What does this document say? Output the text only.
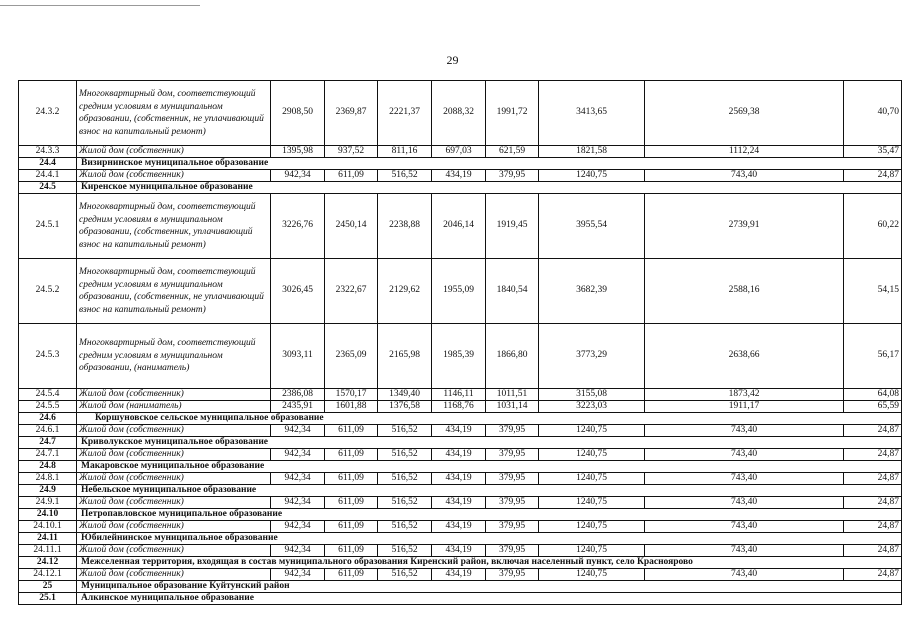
29
24.3.2	Многоквартирный дом, соответствующий средним условиям в муниципальном образовании, (собственник, не уплачивающий взнос на капитальный ремонт)	2908,50	2369,87	2221,37	2088,32	1991,72	3413,65	2569,38	40,70
24.3.3	Жилой дом (собственник)	1395,98	937,52	811,16	697,03	621,59	1821,58	1112,24	35,47
24.4	Визирнинское муниципальное образование								
24.4.1	Жилой дом (собственник)	942,34	611,09	516,52	434,19	379,95	1240,75	743,40	24,87
24.5	Киренское муниципальное образование								
24.5.1	Многоквартирный дом, соответствующий средним условиям в муниципальном образовании, (собственник, уплачивающий взнос на капитальный ремонт)	3226,76	2450,14	2238,88	2046,14	1919,45	3955,54	2739,91	60,22
24.5.2	Многоквартирный дом, соответствующий средним условиям в муниципальном образовании, (собственник, не уплачивающий взнос на капитальный ремонт)	3026,45	2322,67	2129,62	1955,09	1840,54	3682,39	2588,16	54,15
24.5.3	Многоквартирный дом, соответствующий средним условиям в муниципальном образовании, (наниматель)	3093,11	2365,09	2165,98	1985,39	1866,80	3773,29	2638,66	56,17
24.5.4	Жилой дом (собственник)	2386,08	1570,17	1349,40	1146,11	1011,51	3155,08	1873,42	64,08
24.5.5	Жилой дом (наниматель)	2435,91	1601,88	1376,58	1168,76	1031,14	3223,03	1911,17	65,59
24.6	Коршуновское сельское муниципальное образование								
24.6.1	Жилой дом (собственник)	942,34	611,09	516,52	434,19	379,95	1240,75	743,40	24,87
24.7	Криволукское муниципальное образование								
24.7.1	Жилой дом (собственник)	942,34	611,09	516,52	434,19	379,95	1240,75	743,40	24,87
24.8	Макаровское муниципальное образование								
24.8.1	Жилой дом (собственник)	942,34	611,09	516,52	434,19	379,95	1240,75	743,40	24,87
24.9	Небельское муниципальное образование								
24.9.1	Жилой дом (собственник)	942,34	611,09	516,52	434,19	379,95	1240,75	743,40	24,87
24.10	Петропавловское муниципальное образование								
24.10.1	Жилой дом (собственник)	942,34	611,09	516,52	434,19	379,95	1240,75	743,40	24,87
24.11	Юбилейнинское муниципальное образование								
24.11.1	Жилой дом (собственник)	942,34	611,09	516,52	434,19	379,95	1240,75	743,40	24,87
24.12	Межселенная территория, входящая в состав муниципального образования Киренский район, включая населенный пункт, село Красноярово								
24.12.1	Жилой дом (собственник)	942,34	611,09	516,52	434,19	379,95	1240,75	743,40	24,87
25	Муниципальное образование Куйтунский район								
25.1	Алкинское муниципальное образование								
